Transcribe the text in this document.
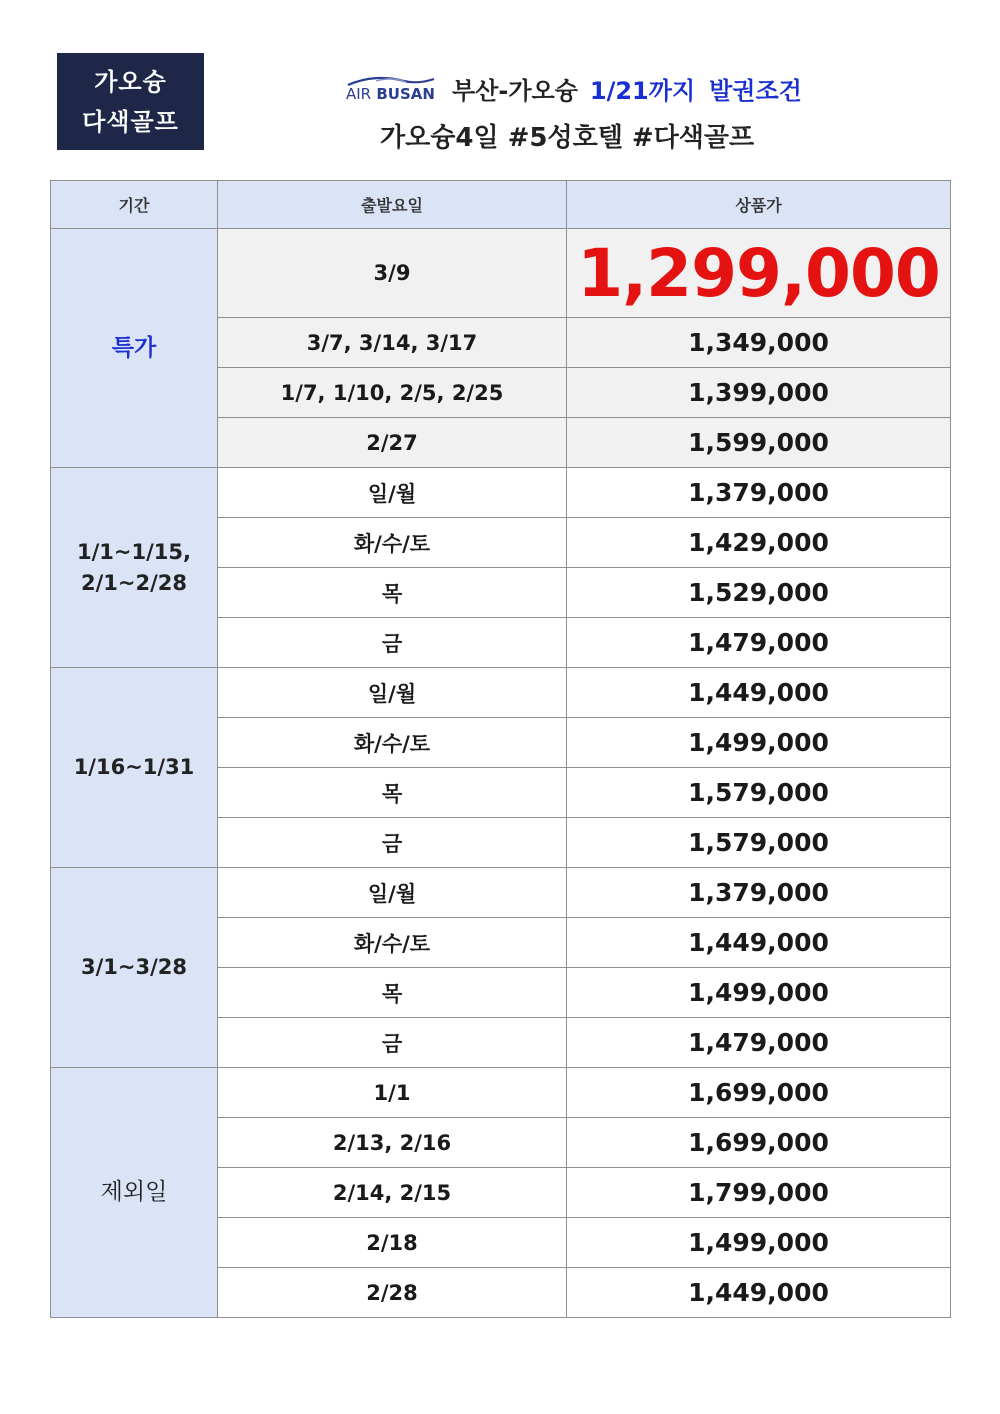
가오슝
다색골프
AIR BUSAN 부산-가오슝 1/21까지 발권조건
가오슝4일 #5성호텔 #다색골프
기간	출발요일	상품가
특가	3/9	1,299,000
	3/7, 3/14, 3/17	1,349,000
	1/7, 1/10, 2/5, 2/25	1,399,000
	2/27	1,599,000
1/1~1/15,
2/1~2/28	일/월	1,379,000
	화/수/토	1,429,000
	목	1,529,000
	금	1,479,000
1/16~1/31	일/월	1,449,000
	화/수/토	1,499,000
	목	1,579,000
	금	1,579,000
3/1~3/28	일/월	1,379,000
	화/수/토	1,449,000
	목	1,499,000
	금	1,479,000
제외일	1/1	1,699,000
	2/13, 2/16	1,699,000
	2/14, 2/15	1,799,000
	2/18	1,499,000
	2/28	1,449,000
